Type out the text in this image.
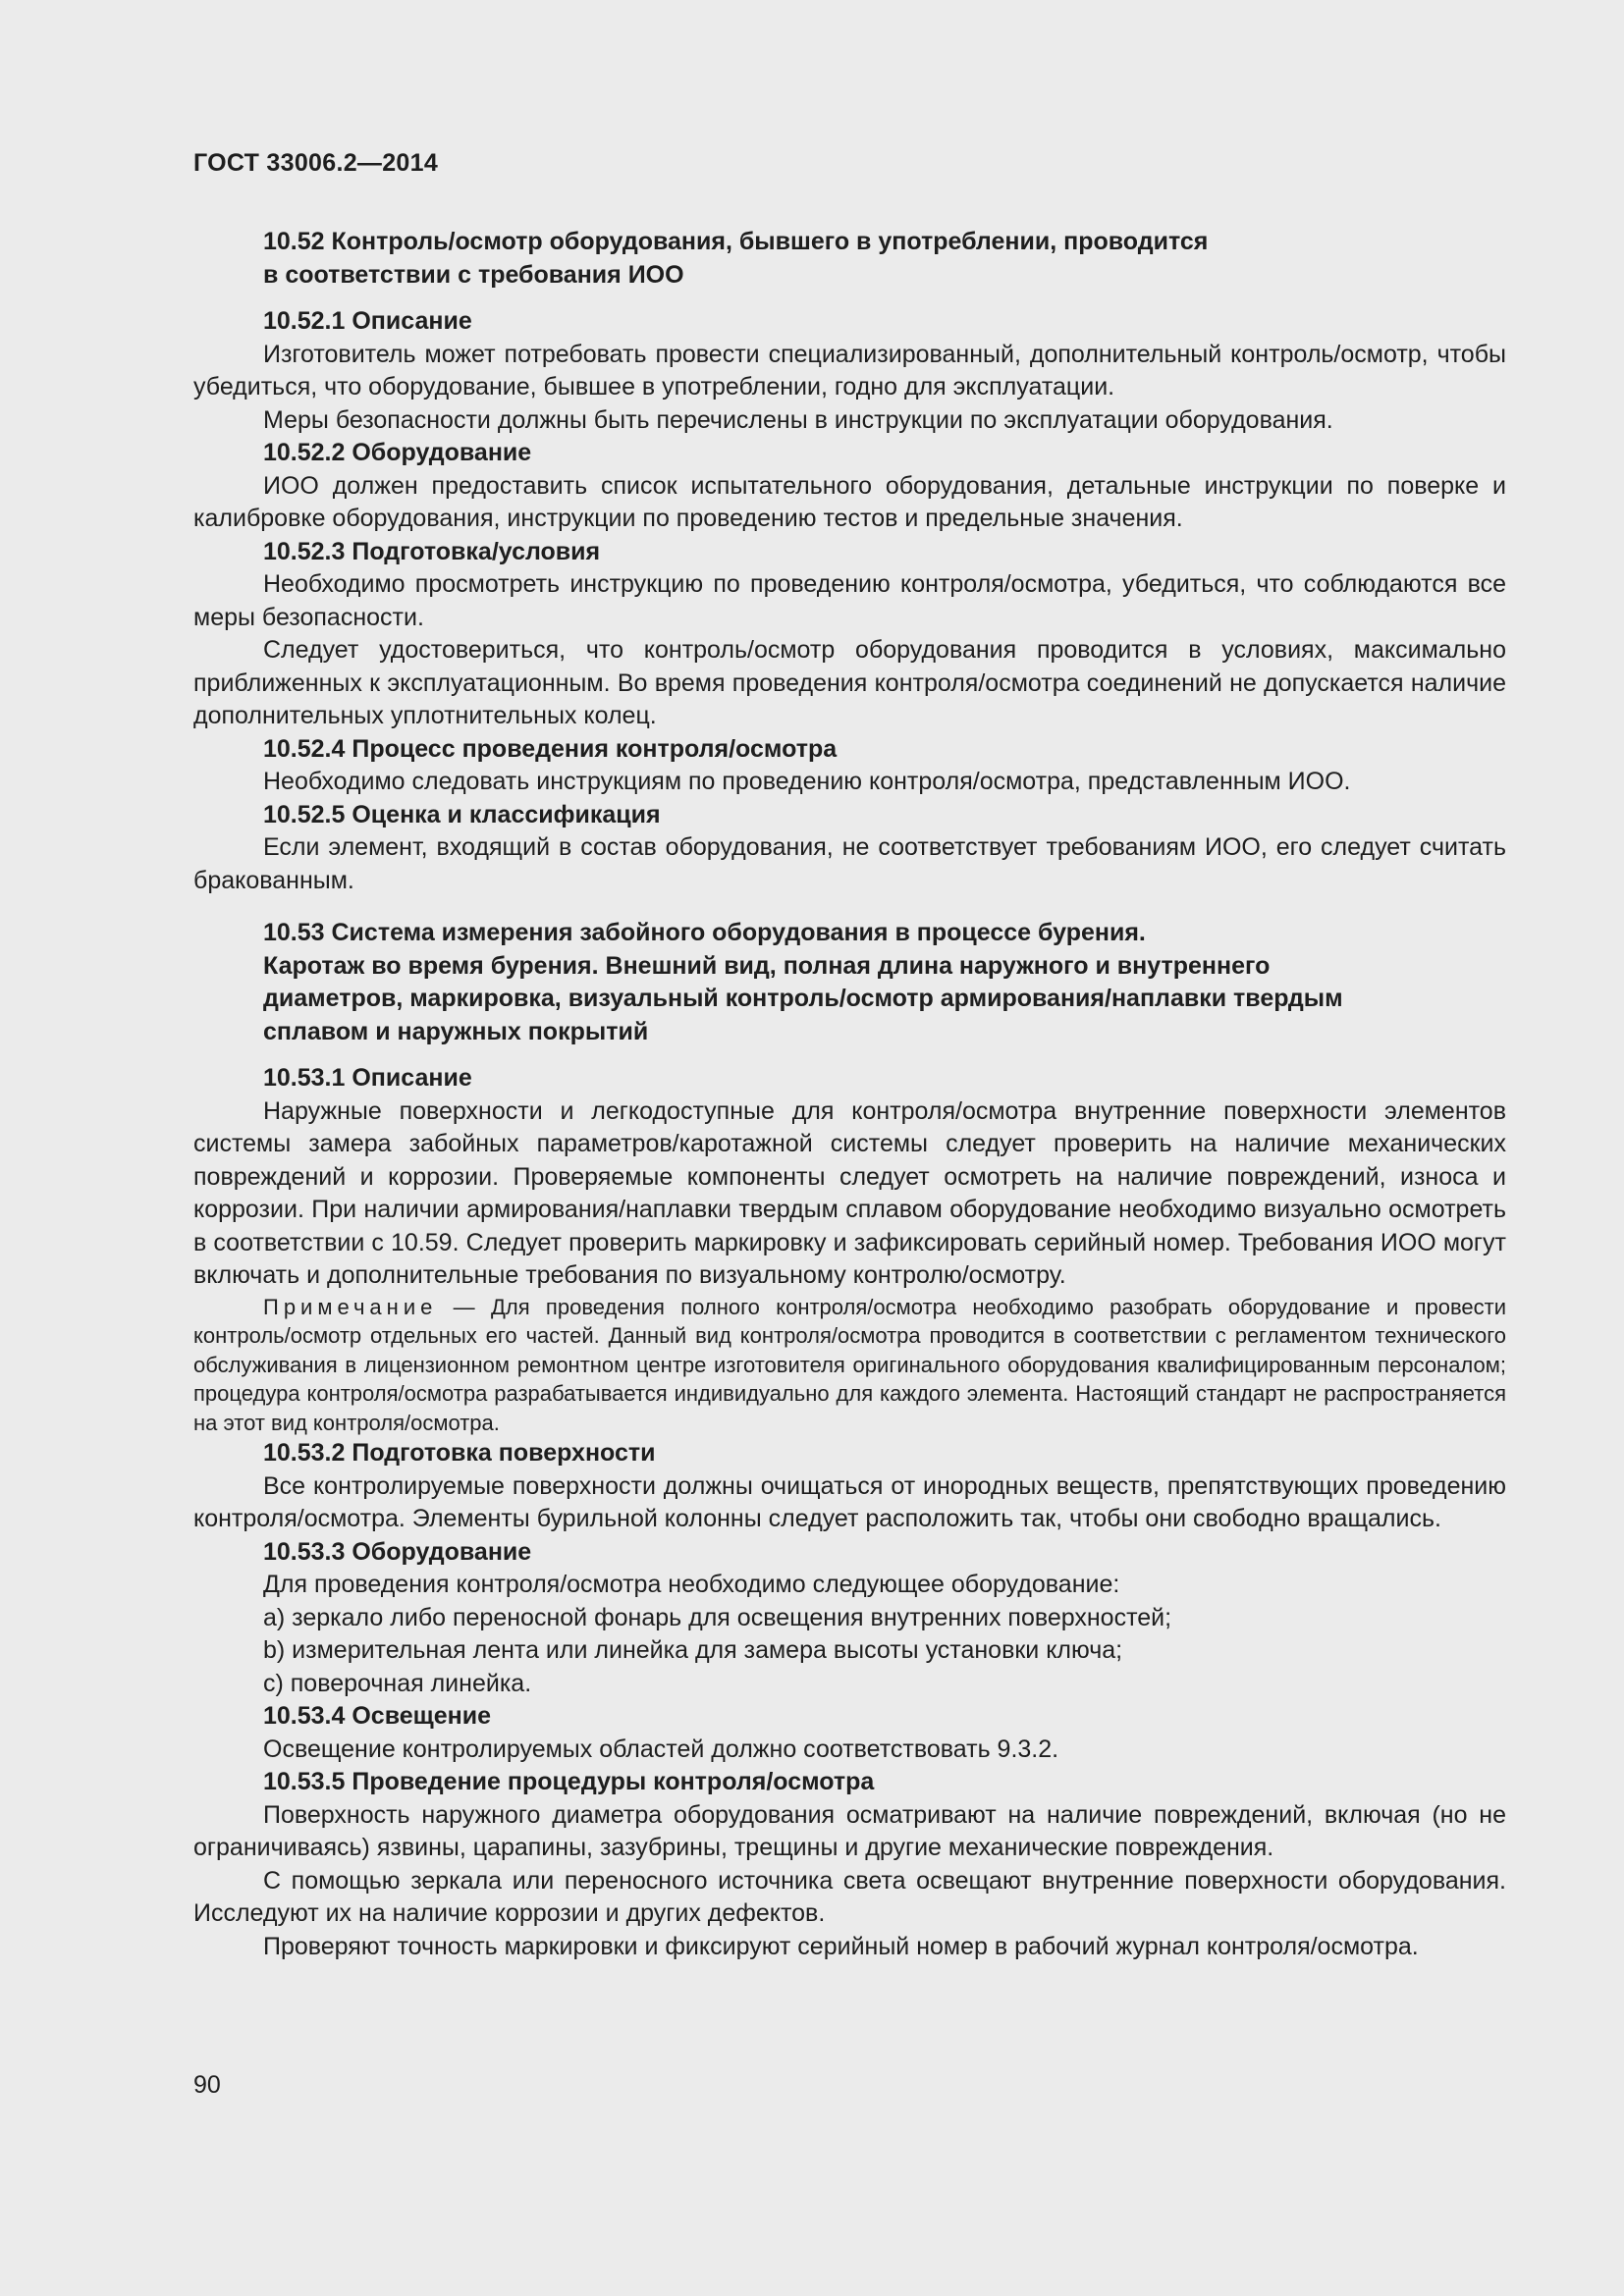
ГОСТ 33006.2—2014
10.52 Контроль/осмотр оборудования, бывшего в употреблении, проводится
в соответствии с требования ИОО
10.52.1 Описание

Изготовитель может потребовать провести специализированный, дополнительный контроль/осмотр, чтобы убедиться, что оборудование, бывшее в употреблении, годно для эксплуатации.

Меры безопасности должны быть перечислены в инструкции по эксплуатации оборудования.

10.52.2 Оборудование

ИОО должен предоставить список испытательного оборудования, детальные инструкции по поверке и калибровке оборудования, инструкции по проведению тестов и предельные значения.

10.52.3 Подготовка/условия

Необходимо просмотреть инструкцию по проведению контроля/осмотра, убедиться, что соблюдаются все меры безопасности.

Следует удостовериться, что контроль/осмотр оборудования проводится в условиях, максимально приближенных к эксплуатационным. Во время проведения контроля/осмотра соединений не допускается наличие дополнительных уплотнительных колец.

10.52.4 Процесс проведения контроля/осмотра

Необходимо следовать инструкциям по проведению контроля/осмотра, представленным ИОО.

10.52.5 Оценка и классификация

Если элемент, входящий в состав оборудования, не соответствует требованиям ИОО, его следует считать бракованным.

10.53 Система измерения забойного оборудования в процессе бурения.
Каротаж во время бурения. Внешний вид, полная длина наружного и внутреннего
диаметров, маркировка, визуальный контроль/осмотр армирования/наплавки твердым
сплавом и наружных покрытий
10.53.1 Описание

Наружные поверхности и легкодоступные для контроля/осмотра внутренние поверхности элементов системы замера забойных параметров/каротажной системы следует проверить на наличие механических повреждений и коррозии. Проверяемые компоненты следует осмотреть на наличие повреждений, износа и коррозии. При наличии армирования/наплавки твердым сплавом оборудование необходимо визуально осмотреть в соответствии с 10.59. Следует проверить маркировку и зафиксировать серийный номер. Требования ИОО могут включать и дополнительные требования по визуальному контролю/осмотру.

Примечание — Для проведения полного контроля/осмотра необходимо разобрать оборудование и провести контроль/осмотр отдельных его частей. Данный вид контроля/осмотра проводится в соответствии с регламентом технического обслуживания в лицензионном ремонтном центре изготовителя оригинального оборудования квалифицированным персоналом; процедура контроля/осмотра разрабатывается индивидуально для каждого элемента. Настоящий стандарт не распространяется на этот вид контроля/осмотра.

10.53.2 Подготовка поверхности

Все контролируемые поверхности должны очищаться от инородных веществ, препятствующих проведению контроля/осмотра. Элементы бурильной колонны следует расположить так, чтобы они свободно вращались.

10.53.3 Оборудование

Для проведения контроля/осмотра необходимо следующее оборудование:

a) зеркало либо переносной фонарь для освещения внутренних поверхностей;

b) измерительная лента или линейка для замера высоты установки ключа;

c) поверочная линейка.

10.53.4 Освещение

Освещение контролируемых областей должно соответствовать 9.3.2.

10.53.5 Проведение процедуры контроля/осмотра

Поверхность наружного диаметра оборудования осматривают на наличие повреждений, включая (но не ограничиваясь) язвины, царапины, зазубрины, трещины и другие механические повреждения.

С помощью зеркала или переносного источника света освещают внутренние поверхности оборудования. Исследуют их на наличие коррозии и других дефектов.

Проверяют точность маркировки и фиксируют серийный номер в рабочий журнал контроля/осмотра.

90
